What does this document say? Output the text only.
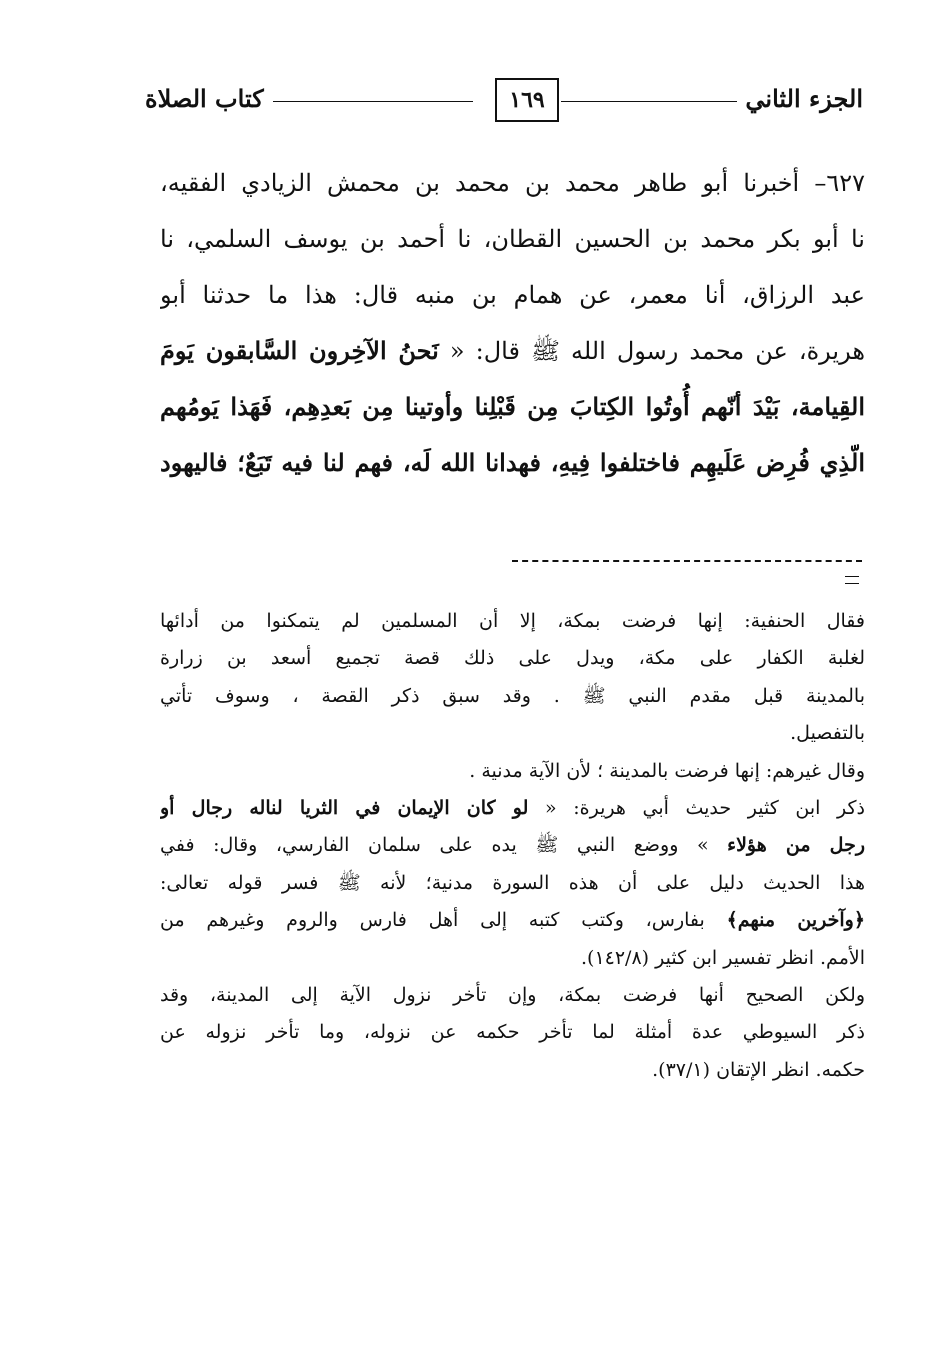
الجزء الثاني
١٦٩
كتاب الصلاة
٦٢٧– أخبرنا أبو طاهر محمد بن محمد بن محمش الزيادي الفقيه،
نا أبو بكر محمد بن الحسين القطان، نا أحمد بن يوسف السلمي، نا
عبد الرزاق، أنا معمر، عن همام بن منبه قال: هذا ما حدثنا أبو
هريرة، عن محمد رسول الله ﷺ قال: « نَحنُ الآخِرون السَّابقون يَومَ
القِيامة، بَيْدَ أنّهم أُوتُوا الكِتابَ مِن قَبْلِنا وأوتينا مِن بَعدِهِم، فَهَذا يَومُهم
الّذِي فُرِض عَلَيهِم فاختلفوا فِيهِ، فهدانا الله لَه، فهم لنا فيه تَبَعٌ؛ فاليهود
فقال الحنفية: إنها فرضت بمكة، إلا أن المسلمين لم يتمكنوا من أدائها
لغلبة الكفار على مكة، ويدل على ذلك قصة تجميع أسعد بن زرارة
بالمدينة قبل مقدم النبي ﷺ . وقد سبق ذكر القصة ، وسوف تأتي
بالتفصيل.
وقال غيرهم: إنها فرضت بالمدينة ؛ لأن الآية مدنية .
ذكر ابن كثير حديث أبي هريرة: « لو كان الإيمان في الثريا لناله رجال أو
رجل من هؤلاء » ووضع النبي ﷺ يده على سلمان الفارسي، وقال: ففي
هذا الحديث دليل على أن هذه السورة مدنية؛ لأنه ﷺ فسر قوله تعالى:
﴿وآخرين منهم﴾ بفارس، وكتب كتبه إلى أهل فارس والروم وغيرهم من
الأمم. انظر تفسير ابن كثير (١٤٢/٨).
ولكن الصحيح أنها فرضت بمكة، وإن تأخر نزول الآية إلى المدينة، وقد
ذكر السيوطي عدة أمثلة لما تأخر حكمه عن نزوله، وما تأخر نزوله عن
حكمه. انظر الإتقان (٣٧/١).
